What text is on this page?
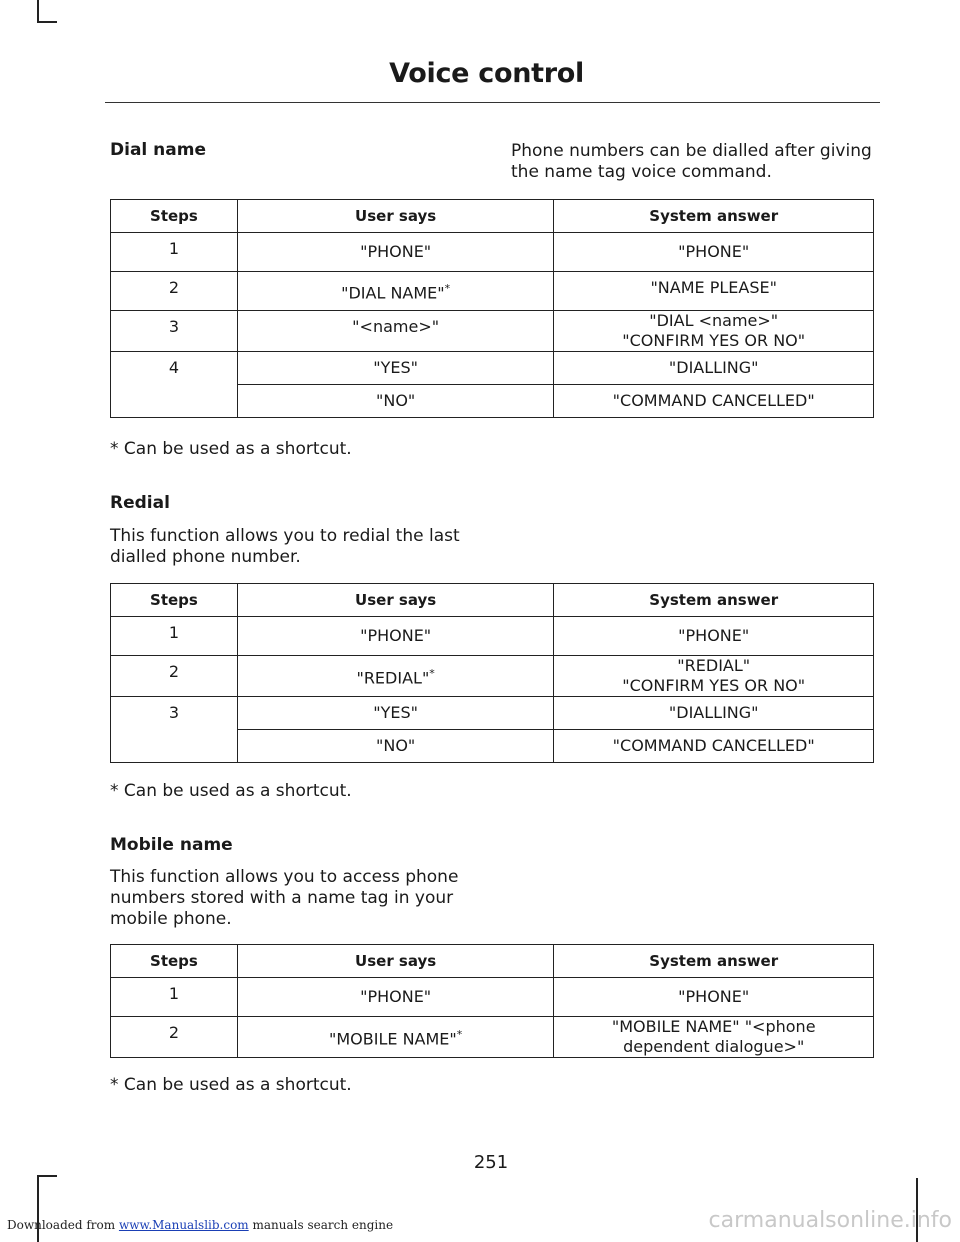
Voice control
Dial name	Phone numbers can be dialled after giving the name tag voice command.
Steps	User says	System answer
1	"PHONE"	"PHONE"
2	"DIAL NAME"*	"NAME PLEASE"
3	"<name>"	"DIAL <name>"
"CONFIRM YES OR NO"

4	"YES"	"DIALLING"
	"NO"	"COMMAND CANCELLED"
* Can be used as a shortcut.
Redial
This function allows you to redial the last dialled phone number.
Steps	User says	System answer
1	"PHONE"	"PHONE"
2	"REDIAL"*	"REDIAL"
"CONFIRM YES OR NO"

3	"YES"	"DIALLING"
	"NO"	"COMMAND CANCELLED"
* Can be used as a shortcut.
Mobile name
This function allows you to access phone numbers stored with a name tag in your mobile phone.
Steps	User says	System answer
1	"PHONE"	"PHONE"
2	"MOBILE NAME"*	"MOBILE NAME" "<phone
dependent dialogue>"
* Can be used as a shortcut.
251
Downloaded from www.Manualslib.com manuals search engine	carmanualsonline.info
